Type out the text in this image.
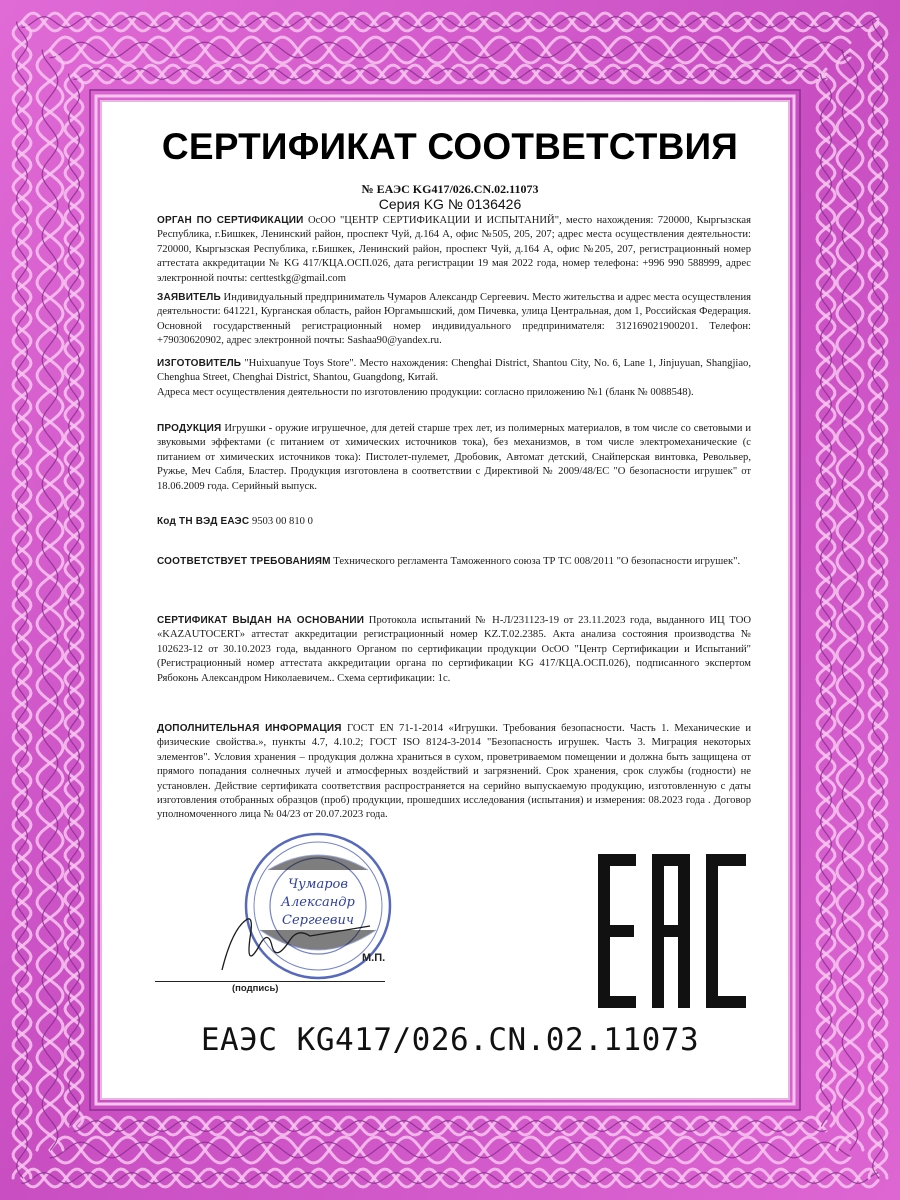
СЕРТИФИКАТ СООТВЕТСТВИЯ
№ ЕАЭС KG417/026.CN.02.11073
Серия KG № 0136426
ОРГАН ПО СЕРТИФИКАЦИИ ОсОО "ЦЕНТР СЕРТИФИКАЦИИ И ИСПЫТАНИЙ", место нахождения: 720000, Кыргызская Республика, г.Бишкек, Ленинский район, проспект Чуй, д.164 А, офис №505, 205, 207; адрес места осуществления деятельности: 720000, Кыргызская Республика, г.Бишкек, Ленинский район, проспект Чуй, д.164 А, офис №205, 207, регистрационный номер аттестата аккредитации № KG 417/КЦА.ОСП.026, дата регистрации 19 мая 2022 года, номер телефона: +996 990 588999, адрес электронной почты: certtestkg@gmail.com
ЗАЯВИТЕЛЬ Индивидуальный предприниматель Чумаров Александр Сергеевич. Место жительства и адрес места осуществления деятельности: 641221, Курганская область, район Юргамышский, дом Пичевка, улица Центральная, дом 1, Российская Федерация. Основной государственный регистрационный номер индивидуального предпринимателя: 312169021900201. Телефон: +79030620902, адрес электронной почты: Sashaa90@yandex.ru.
ИЗГОТОВИТЕЛЬ "Huixuanyue Toys Store". Место нахождения: Chenghai District, Shantou City, No. 6, Lane 1, Jinjuyuan, Shangjiao, Chenghua Street, Chenghai District, Shantou, Guangdong, Китай.
Адреса мест осуществления деятельности по изготовлению продукции: согласно приложению №1 (бланк № 0088548).
ПРОДУКЦИЯ Игрушки - оружие игрушечное, для детей старше трех лет, из полимерных материалов, в том числе со световыми и звуковыми эффектами (с питанием от химических источников тока), без механизмов, в том числе электромеханические (с питанием от химических источников тока): Пистолет-пулемет, Дробовик, Автомат детский, Снайперская винтовка, Револьвер, Ружье, Меч Сабля, Бластер. Продукция изготовлена в соответствии с Директивой № 2009/48/ЕС "О безопасности игрушек" от 18.06.2009 года. Серийный выпуск.
Код ТН ВЭД ЕАЭС 9503 00 810 0
СООТВЕТСТВУЕТ ТРЕБОВАНИЯМ Технического регламента Таможенного союза ТР ТС 008/2011 "О безопасности игрушек".
СЕРТИФИКАТ ВЫДАН НА ОСНОВАНИИ Протокола испытаний № Н-Л/231123-19 от 23.11.2023 года, выданного ИЦ ТОО «KAZAUTOCERT» аттестат аккредитации регистрационный номер KZ.T.02.2385. Акта анализа состояния производства № 102623-12 от 30.10.2023 года, выданного Органом по сертификации продукции ОсОО "Центр Сертификации и Испытаний" (Регистрационный номер аттестата аккредитации органа по сертификации KG 417/КЦА.ОСП.026), подписанного экспертом Рябоконь Александром Николаевичем.. Схема сертификации: 1с.
ДОПОЛНИТЕЛЬНАЯ ИНФОРМАЦИЯ ГОСТ EN 71-1-2014 «Игрушки. Требования безопасности. Часть 1. Механические и физические свойства.», пункты 4.7, 4.10.2; ГОСТ ISO 8124-3-2014 "Безопасность игрушек. Часть 3. Миграция некоторых элементов". Условия хранения – продукция должна храниться в сухом, проветриваемом помещении и должна быть защищена от прямого попадания солнечных лучей и атмосферных воздействий и загрязнений. Срок хранения, срок службы (годности) не установлен. Действие сертификата соответствия распространяется на серийно выпускаемую продукцию, изготовленную с даты изготовления отобранных образцов (проб) продукции, прошедших исследования (испытания) и измерения: 08.2023 года . Договор уполномоченного лица № 04/23 от 20.07.2023 года.
Чумаров
Александр
Сергеевич
(подпись)
М.П.
ЕАЭС KG417/026.CN.02.11073
